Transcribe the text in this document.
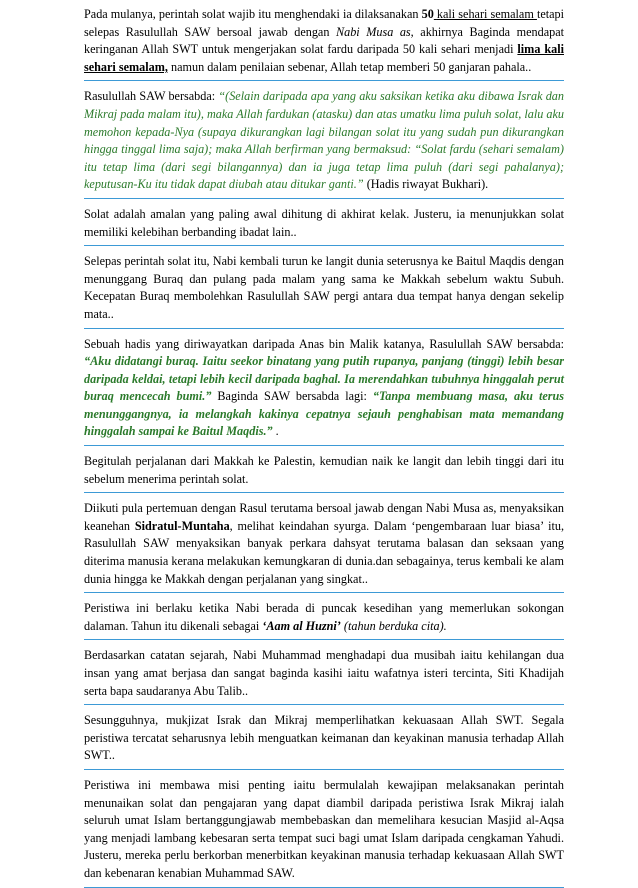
Pada mulanya, perintah solat wajib itu menghendaki ia dilaksanakan 50 kali sehari semalam tetapi selepas Rasulullah SAW bersoal jawab dengan Nabi Musa as, akhirnya Baginda mendapat keringanan Allah SWT untuk mengerjakan solat fardu daripada 50 kali sehari menjadi lima kali sehari semalam, namun dalam penilaian sebenar, Allah tetap memberi 50 ganjaran pahala..
Rasulullah SAW bersabda: “(Selain daripada apa yang aku saksikan ketika aku dibawa Israk dan Mikraj pada malam itu), maka Allah fardukan (atasku) dan atas umatku lima puluh solat, lalu aku memohon kepada-Nya (supaya dikurangkan lagi bilangan solat itu yang sudah pun dikurangkan hingga tinggal lima saja); maka Allah berfirman yang bermaksud: “Solat fardu (sehari semalam) itu tetap lima (dari segi bilangannya) dan ia juga tetap lima puluh (dari segi pahalanya); keputusan-Ku itu tidak dapat diubah atau ditukar ganti.” (Hadis riwayat Bukhari).
Solat adalah amalan yang paling awal dihitung di akhirat kelak. Justeru, ia menunjukkan solat memiliki kelebihan berbanding ibadat lain..
Selepas perintah solat itu, Nabi kembali turun ke langit dunia seterusnya ke Baitul Maqdis dengan menunggang Buraq dan pulang pada malam yang sama ke Makkah sebelum waktu Subuh. Kecepatan Buraq membolehkan Rasulullah SAW pergi antara dua tempat hanya dengan sekelip mata..
Sebuah hadis yang diriwayatkan daripada Anas bin Malik katanya, Rasulullah SAW bersabda: “Aku didatangi buraq. Iaitu seekor binatang yang putih rupanya, panjang (tinggi) lebih besar daripada keldai, tetapi lebih kecil daripada baghal. Ia merendahkan tubuhnya hinggalah perut buraq mencecah bumi.” Baginda SAW bersabda lagi: “Tanpa membuang masa, aku terus menunggangnya, ia melangkah kakinya cepatnya sejauh penghabisan mata memandang hinggalah sampai ke Baitul Maqdis.” .
Begitulah perjalanan dari Makkah ke Palestin, kemudian naik ke langit dan lebih tinggi dari itu sebelum menerima perintah solat.
Diikuti pula pertemuan dengan Rasul terutama bersoal jawab dengan Nabi Musa as, menyaksikan keanehan Sidratul-Muntaha, melihat keindahan syurga. Dalam ‘pengembaraan luar biasa’ itu, Rasulullah SAW menyaksikan banyak perkara dahsyat terutama balasan dan seksaan yang diterima manusia kerana melakukan kemungkaran di dunia.dan sebagainya, terus kembali ke alam dunia hingga ke Makkah dengan perjalanan yang singkat..
Peristiwa ini berlaku ketika Nabi berada di puncak kesedihan yang memerlukan sokongan dalaman. Tahun itu dikenali sebagai ‘Aam al Huzni’ (tahun berduka cita).
Berdasarkan catatan sejarah, Nabi Muhammad menghadapi dua musibah iaitu kehilangan dua insan yang amat berjasa dan sangat baginda kasihi iaitu wafatnya isteri tercinta, Siti Khadijah serta bapa saudaranya Abu Talib..
Sesungguhnya, mukjizat Israk dan Mikraj memperlihatkan kekuasaan Allah SWT. Segala peristiwa tercatat seharusnya lebih menguatkan keimanan dan keyakinan manusia terhadap Allah SWT..
Peristiwa ini membawa misi penting iaitu bermulalah kewajipan melaksanakan perintah menunaikan solat dan pengajaran yang dapat diambil daripada peristiwa Israk Mikraj ialah seluruh umat Islam bertanggungjawab membebaskan dan memelihara kesucian Masjid al-Aqsa yang menjadi lambang kebesaran serta tempat suci bagi umat Islam daripada cengkaman Yahudi. Justeru, mereka perlu berkorban menerbitkan keyakinan manusia terhadap kekuasaan Allah SWT dan kebenaran kenabian Muhammad SAW.
